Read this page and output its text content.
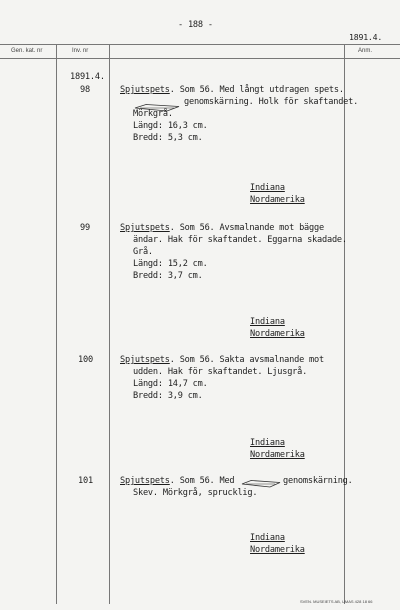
- 188 -
1891.4.
Gen. kat. nr	Inv. nr	Anm.
1891.4.
98	Spjutspets. Som 56. Med långt utdragen spets.
genomskärning. Holk för skaftandet.
Mörkgrå.
Längd: 16,3 cm.
Bredd: 5,3 cm.
Indiana
Nordamerika
99	Spjutspets. Som 56. Avsmalnande mot bägge
ändar. Hak för skaftandet. Eggarna skadade.
Grå.
Längd: 15,2 cm.
Bredd: 3,7 cm.
Indiana
Nordamerika
100	Spjutspets. Som 56. Sakta avsmalnande mot
udden. Hak för skaftandet. Ljusgrå.
Längd: 14,7 cm.
Bredd: 3,9 cm.
Indiana
Nordamerika
101	Spjutspets. Som 56. Med	genomskärning.
Skev. Mörkgrå, sprucklig.
Indiana
Nordamerika
SVEN. MUSEIETS AB, UMAS 428 18 66
